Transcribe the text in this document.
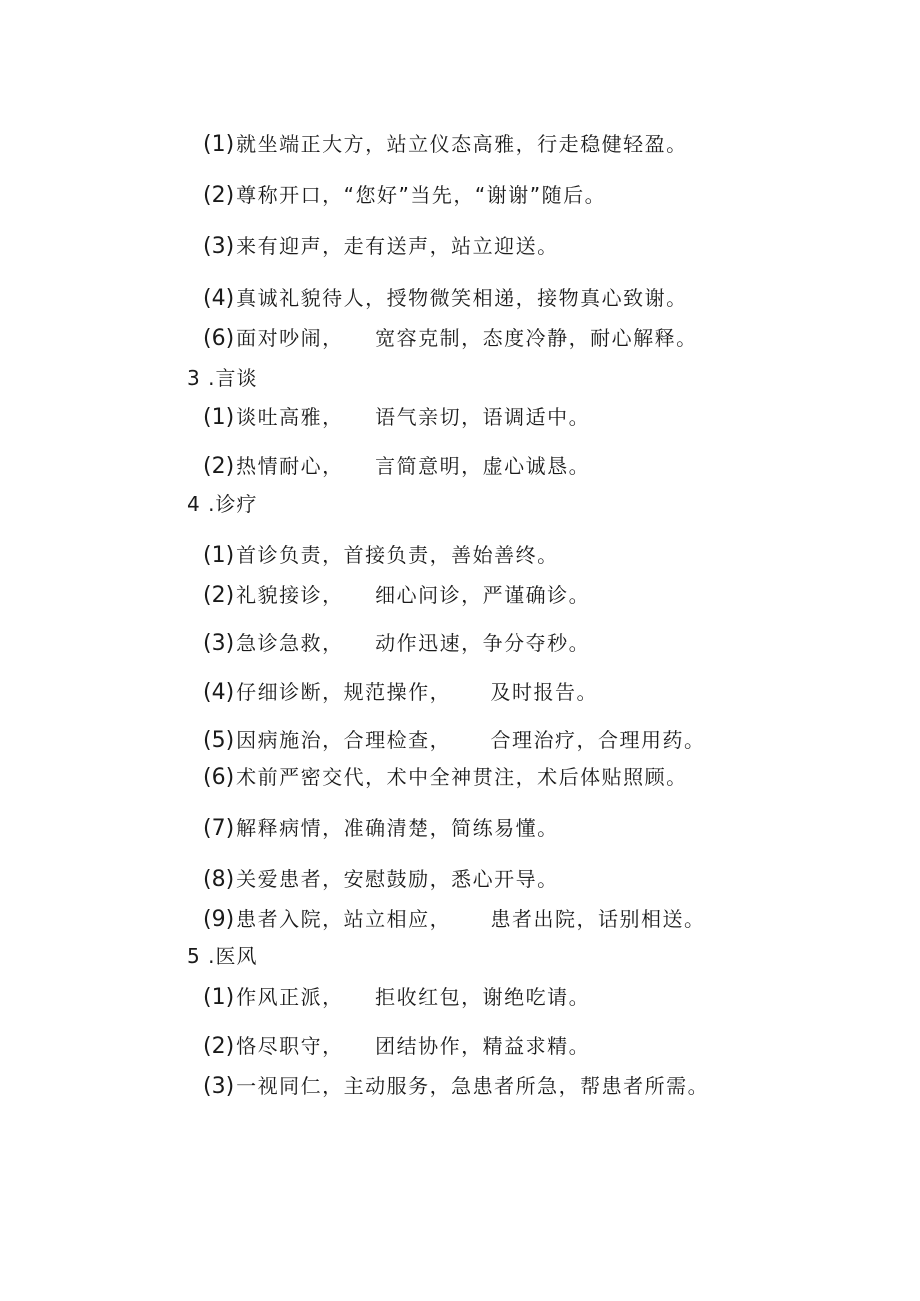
(1) 就坐端正大方，站立仪态高雅，行走稳健轻盈。
(2) 尊称开口，“您好”当先，“谢谢”随后。
(3) 来有迎声，走有送声，站立迎送。
(4) 真诚礼貌待人，授物微笑相递，接物真心致谢。
(6) 面对吵闹，    宽容克制，态度冷静，耐心解释。
3 .言谈
(1) 谈吐高雅，    语气亲切，语调适中。
(2) 热情耐心，    言简意明，虚心诚恳。
4 .诊疗
(1) 首诊负责，首接负责，善始善终。
(2) 礼貌接诊，    细心问诊，严谨确诊。
(3) 急诊急救，    动作迅速，争分夺秒。
(4) 仔细诊断，规范操作，     及时报告。
(5) 因病施治，合理检查，     合理治疗，合理用药。
(6) 术前严密交代，术中全神贯注，术后体贴照顾。
(7) 解释病情，准确清楚，简练易懂。
(8) 关爱患者，安慰鼓励，悉心开导。
(9) 患者入院，站立相应，     患者出院，话别相送。
5 .医风
(1) 作风正派，    拒收红包，谢绝吃请。
(2) 恪尽职守，    团结协作，精益求精。
(3) 一视同仁，主动服务，急患者所急，帮患者所需。
